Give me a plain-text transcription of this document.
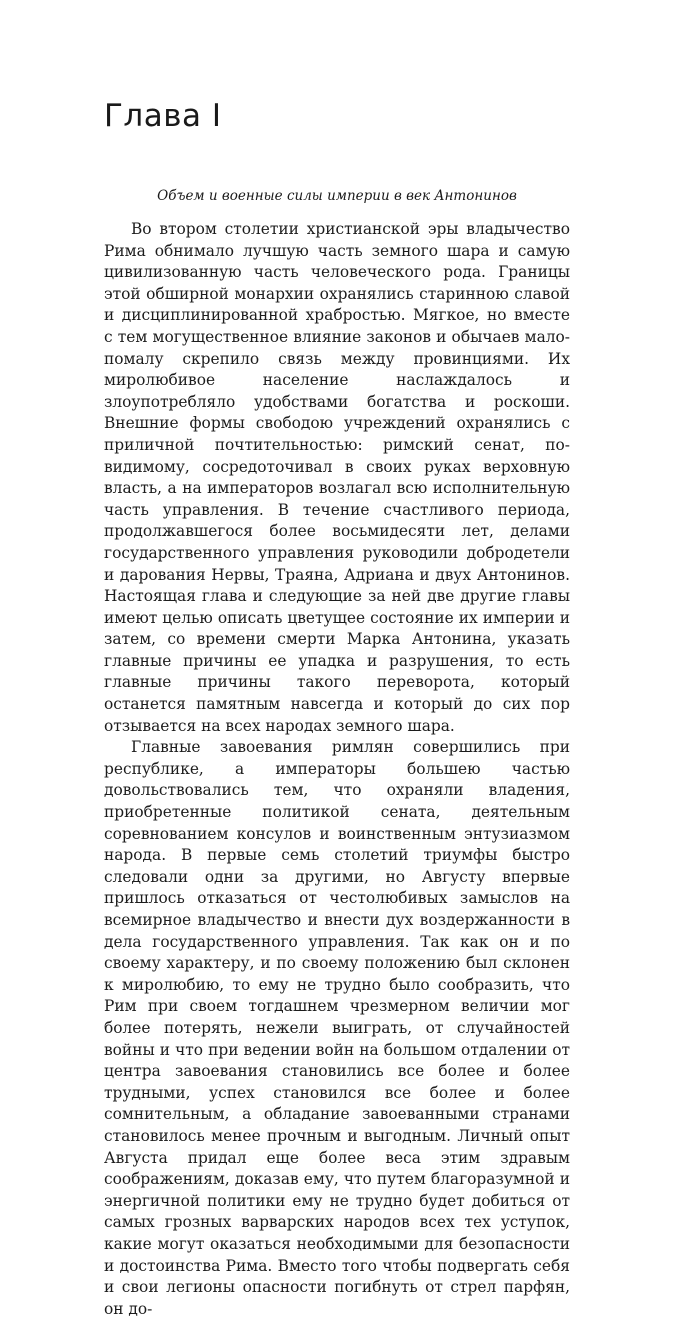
Глава I

Объем и военные силы империи в век Антонинов

Во втором столетии христианской эры владычество Рима обнимало лучшую часть земного шара и самую цивилизованную часть человеческого рода. Границы этой обширной монархии охранялись старинною славой и дисциплинированной храбростью. Мягкое, но вместе с тем могущественное влияние законов и обычаев мало-помалу скрепило связь между провинциями. Их миролюбивое население наслаждалось и злоупотребляло удобствами богатства и роскоши. Внешние формы свободою учреждений охранялись с приличной почтительностью: римский сенат, по-видимому, сосредоточивал в своих руках верховную власть, а на императоров возлагал всю исполнительную часть управления. В течение счастливого периода, продолжавшегося более восьмидесяти лет, делами государственного управления руководили добродетели и дарования Нервы, Траяна, Адриана и двух Антонинов. Настоящая глава и следующие за ней две другие главы имеют целью описать цветущее состояние их империи и затем, со времени смерти Марка Антонина, указать главные причины ее упадка и разрушения, то есть главные причины такого переворота, который останется памятным навсегда и который до сих пор отзывается на всех народах земного шара.

Главные завоевания римлян совершились при республике, а императоры большею частью довольствовались тем, что охраняли владения, приобретенные политикой сената, деятельным соревнованием консулов и воинственным энтузиазмом народа. В первые семь столетий триумфы быстро следовали одни за другими, но Августу впервые пришлось отказаться от честолюбивых замыслов на всемирное владычество и внести дух воздержанности в дела государственного управления. Так как он и по своему характеру, и по своему положению был склонен к миролюбию, то ему не трудно было сообразить, что Рим при своем тогдашнем чрезмерном величии мог более потерять, нежели выиграть, от случайностей войны и что при ведении войн на большом отдалении от центра завоевания становились все более и более трудными, успех становился все более и более сомнительным, а обладание завоеванными странами становилось менее прочным и выгодным. Личный опыт Августа придал еще более веса этим здравым соображениям, доказав ему, что путем благоразумной и энергичной политики ему не трудно будет добиться от самых грозных варварских народов всех тех уступок, какие могут оказаться необходимыми для безопасности и достоинства Рима. Вместо того чтобы подвергать себя и свои легионы опасности погибнуть от стрел парфян, он до-
